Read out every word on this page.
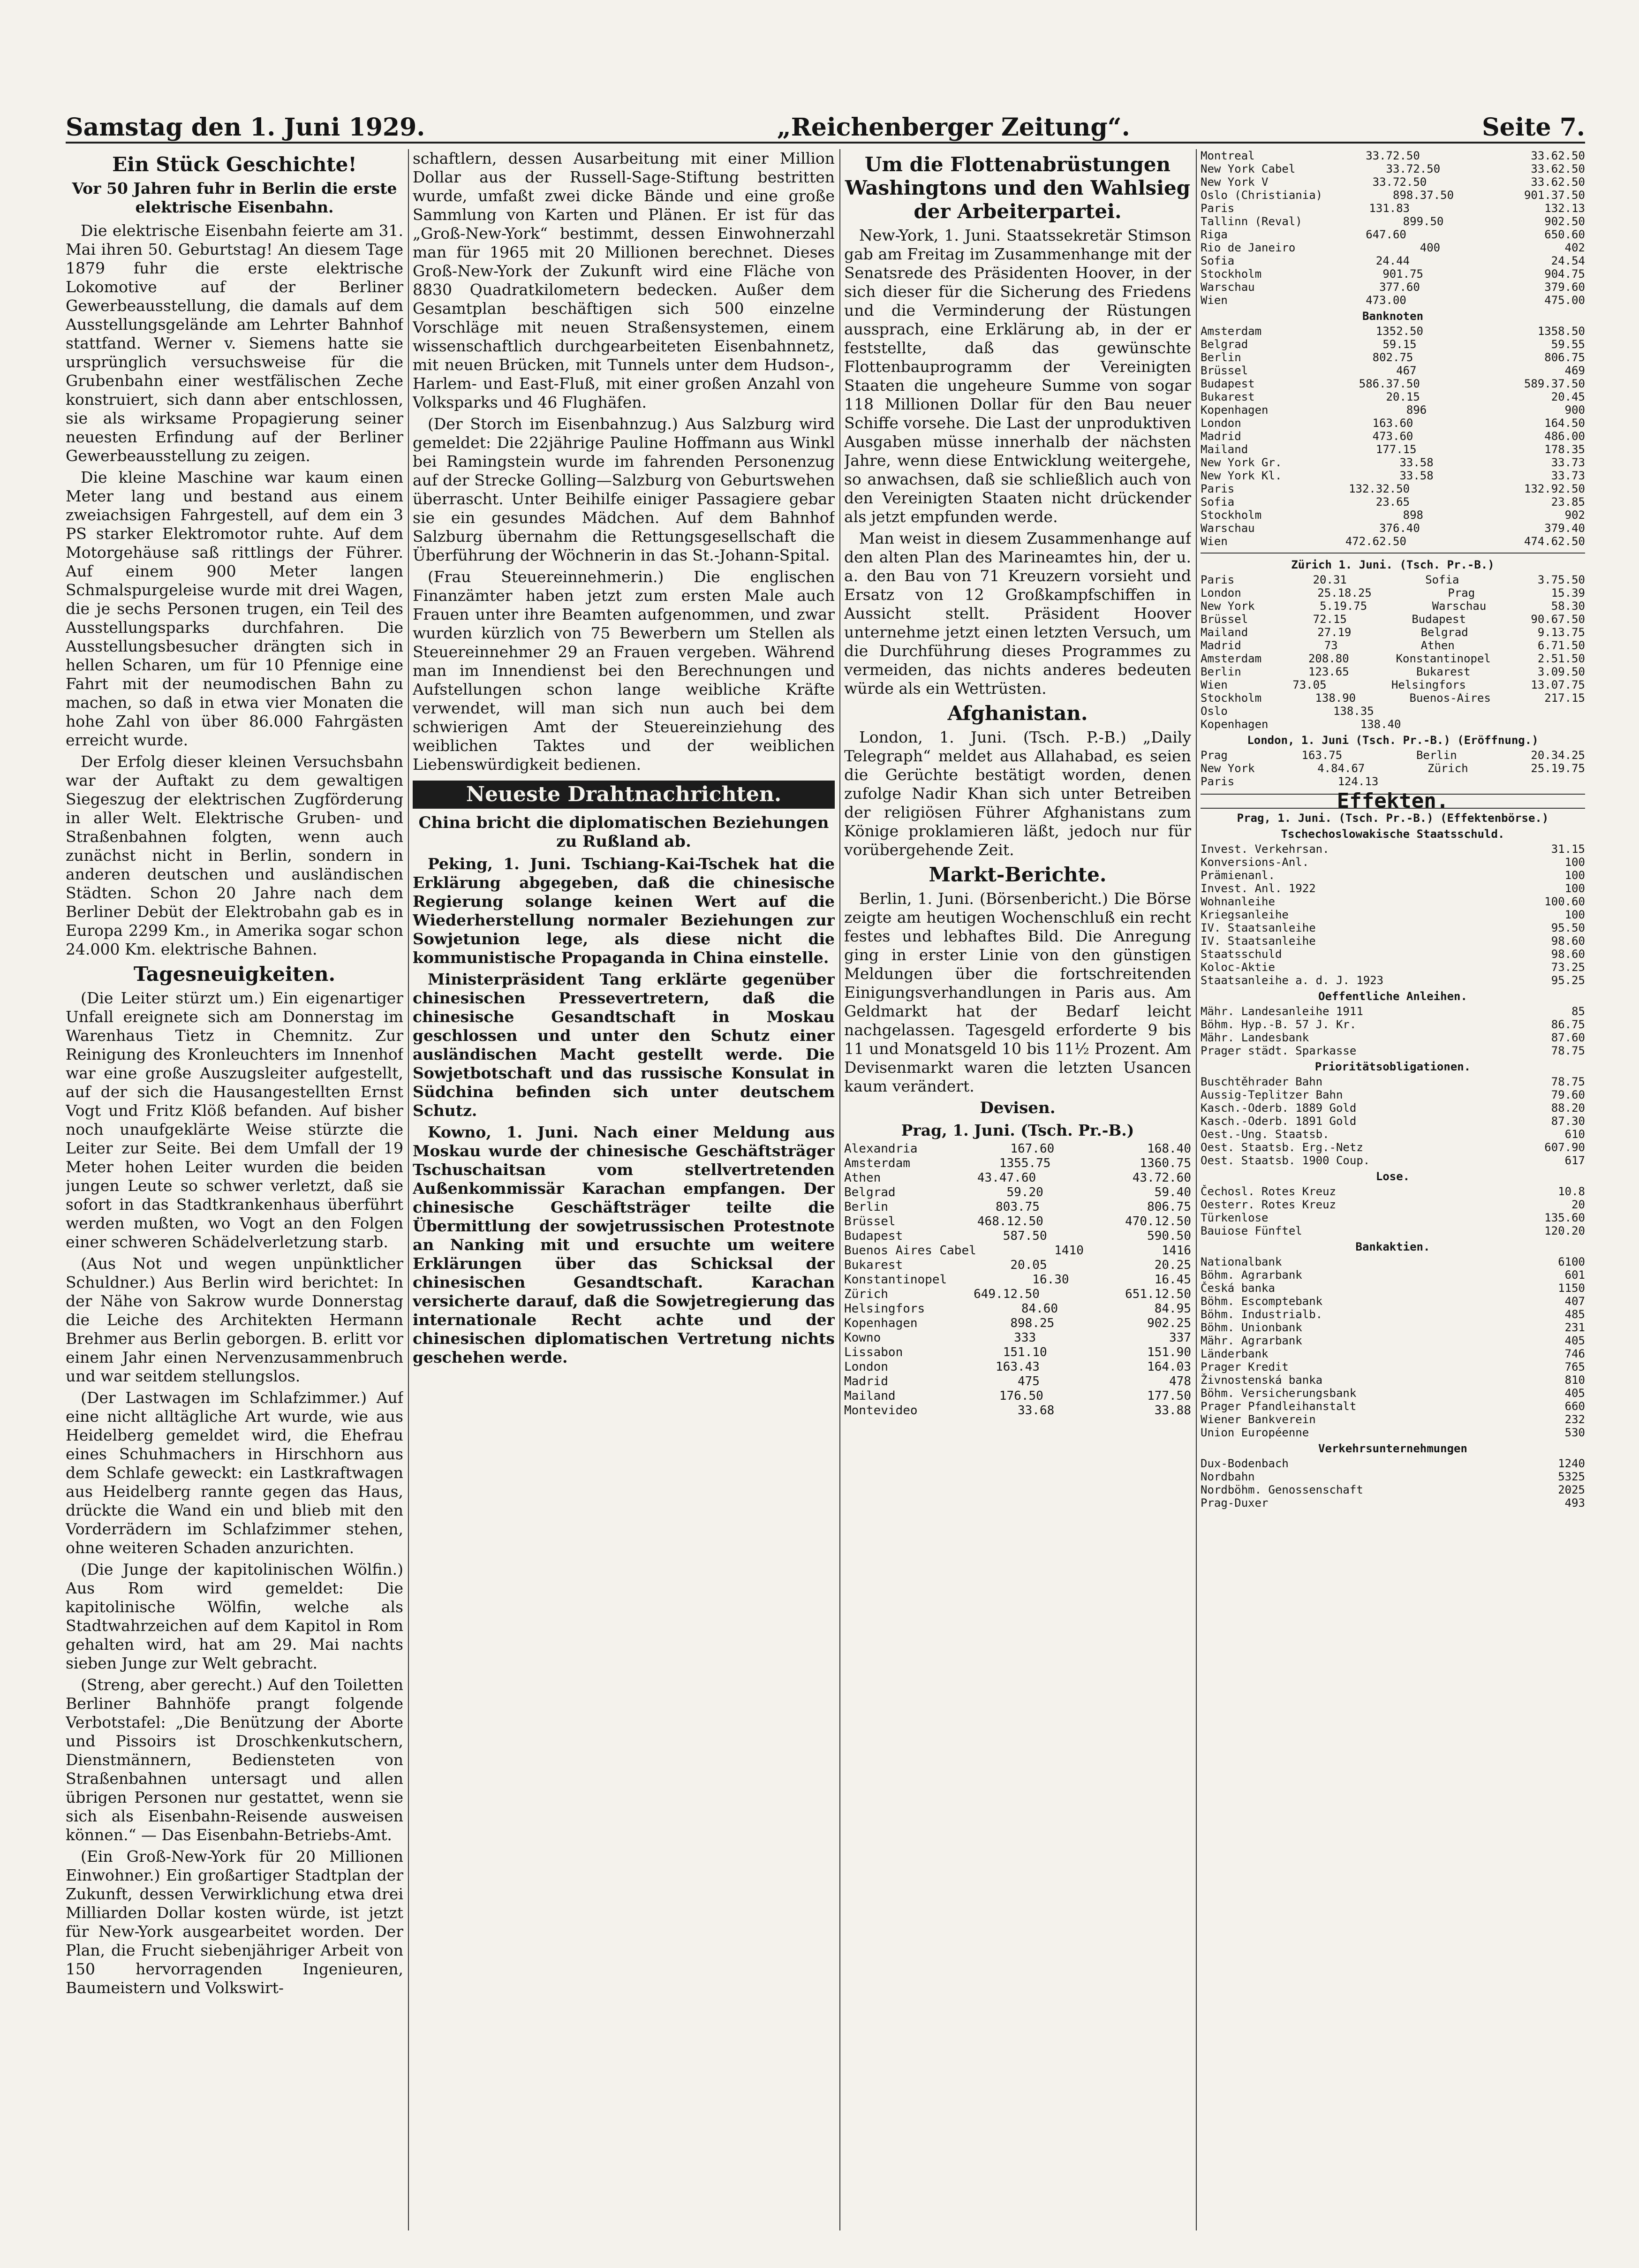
Samstag den 1. Juni 1929.	„Reichenberger Zeitung“.	Seite 7.
Ein Stück Geschichte!
Vor 50 Jahren fuhr in Berlin die erste elektrische Eisenbahn.

Die elektrische Eisenbahn feierte am 31. Mai ihren 50. Geburtstag! An diesem Tage 1879 fuhr die erste elektrische Lokomotive auf der Berliner Gewerbeausstellung, die damals auf dem Ausstellungsgelände am Lehrter Bahnhof stattfand. Werner v. Siemens hatte sie ursprünglich versuchsweise für die Grubenbahn einer westfälischen Zeche konstruiert, sich dann aber entschlossen, sie als wirksame Propagierung seiner neuesten Erfindung auf der Berliner Gewerbeausstellung zu zeigen.

Die kleine Maschine war kaum einen Meter lang und bestand aus einem zweiachsigen Fahrgestell, auf dem ein 3 PS starker Elektromotor ruhte. Auf dem Motorgehäuse saß rittlings der Führer. Auf einem 900 Meter langen Schmalspurgeleise wurde mit drei Wagen, die je sechs Personen trugen, ein Teil des Ausstellungsparks durchfahren. Die Ausstellungsbesucher drängten sich in hellen Scharen, um für 10 Pfennige eine Fahrt mit der neumodischen Bahn zu machen, so daß in etwa vier Monaten die hohe Zahl von über 86.000 Fahrgästen erreicht wurde.

Der Erfolg dieser kleinen Versuchsbahn war der Auftakt zu dem gewaltigen Siegeszug der elektrischen Zugförderung in aller Welt. Elektrische Gruben- und Straßenbahnen folgten, wenn auch zunächst nicht in Berlin, sondern in anderen deutschen und ausländischen Städten. Schon 20 Jahre nach dem Berliner Debüt der Elektrobahn gab es in Europa 2299 Km., in Amerika sogar schon 24.000 Km. elektrische Bahnen.

Tagesneuigkeiten.

(Die Leiter stürzt um.) Ein eigenartiger Unfall ereignete sich am Donnerstag im Warenhaus Tietz in Chemnitz. Zur Reinigung des Kronleuchters im Innenhof war eine große Auszugsleiter aufgestellt, auf der sich die Hausangestellten Ernst Vogt und Fritz Klöß befanden. Auf bisher noch unaufgeklärte Weise stürzte die Leiter zur Seite. Bei dem Umfall der 19 Meter hohen Leiter wurden die beiden jungen Leute so schwer verletzt, daß sie sofort in das Stadtkrankenhaus überführt werden mußten, wo Vogt an den Folgen einer schweren Schädelverletzung starb.

(Aus Not und wegen unpünktlicher Schuldner.) Aus Berlin wird berichtet: In der Nähe von Sakrow wurde Donnerstag die Leiche des Architekten Hermann Brehmer aus Berlin geborgen. B. erlitt vor einem Jahr einen Nervenzusammenbruch und war seitdem stellungslos.

(Der Lastwagen im Schlafzimmer.) Auf eine nicht alltägliche Art wurde, wie aus Heidelberg gemeldet wird, die Ehefrau eines Schuhmachers in Hirschhorn aus dem Schlafe geweckt: ein Lastkraftwagen aus Heidelberg rannte gegen das Haus, drückte die Wand ein und blieb mit den Vorderrädern im Schlafzimmer stehen, ohne weiteren Schaden anzurichten.

(Die Junge der kapitolinischen Wölfin.) Aus Rom wird gemeldet: Die kapitolinische Wölfin, welche als Stadtwahrzeichen auf dem Kapitol in Rom gehalten wird, hat am 29. Mai nachts sieben Junge zur Welt gebracht.

(Streng, aber gerecht.) Auf den Toiletten Berliner Bahnhöfe prangt folgende Verbotstafel: „Die Benützung der Aborte und Pissoirs ist Droschkenkutschern, Dienstmännern, Bediensteten von Straßenbahnen untersagt und allen übrigen Personen nur gestattet, wenn sie sich als Eisenbahn-Reisende ausweisen können.“ — Das Eisenbahn-Betriebs-Amt.

(Ein Groß-New-York für 20 Millionen Einwohner.) Ein großartiger Stadtplan der Zukunft, dessen Verwirklichung etwa drei Milliarden Dollar kosten würde, ist jetzt für New-York ausgearbeitet worden. Der Plan, die Frucht siebenjähriger Arbeit von 150 hervorragenden Ingenieuren, Baumeistern und Volkswirt-

schaftlern, dessen Ausarbeitung mit einer Million Dollar aus der Russell-Sage-Stiftung bestritten wurde, umfaßt zwei dicke Bände und eine große Sammlung von Karten und Plänen. Er ist für das „Groß-New-York“ bestimmt, dessen Einwohnerzahl man für 1965 mit 20 Millionen berechnet. Dieses Groß-New-York der Zukunft wird eine Fläche von 8830 Quadratkilometern bedecken. Außer dem Gesamtplan beschäftigen sich 500 einzelne Vorschläge mit neuen Straßensystemen, einem wissenschaftlich durchgearbeiteten Eisenbahnnetz, mit neuen Brücken, mit Tunnels unter dem Hudson-, Harlem- und East-Fluß, mit einer großen Anzahl von Volksparks und 46 Flughäfen.

(Der Storch im Eisenbahnzug.) Aus Salzburg wird gemeldet: Die 22jährige Pauline Hoffmann aus Winkl bei Ramingstein wurde im fahrenden Personenzug auf der Strecke Golling—Salzburg von Geburtswehen überrascht. Unter Beihilfe einiger Passagiere gebar sie ein gesundes Mädchen. Auf dem Bahnhof Salzburg übernahm die Rettungsgesellschaft die Überführung der Wöchnerin in das St.-Johann-Spital.

(Frau Steuereinnehmerin.) Die englischen Finanzämter haben jetzt zum ersten Male auch Frauen unter ihre Beamten aufgenommen, und zwar wurden kürzlich von 75 Bewerbern um Stellen als Steuereinnehmer 29 an Frauen vergeben. Während man im Innendienst bei den Berechnungen und Aufstellungen schon lange weibliche Kräfte verwendet, will man sich nun auch bei dem schwierigen Amt der Steuereinziehung des weiblichen Taktes und der weiblichen Liebenswürdigkeit bedienen.

Neueste Drahtnachrichten.
China bricht die diplomatischen Beziehungen zu Rußland ab.

Peking, 1. Juni. Tschiang-Kai-Tschek hat die Erklärung abgegeben, daß die chinesische Regierung solange keinen Wert auf die Wiederherstellung normaler Beziehungen zur Sowjetunion lege, als diese nicht die kommunistische Propaganda in China einstelle.

Ministerpräsident Tang erklärte gegenüber chinesischen Pressevertretern, daß die chinesische Gesandtschaft in Moskau geschlossen und unter den Schutz einer ausländischen Macht gestellt werde. Die Sowjetbotschaft und das russische Konsulat in Südchina befinden sich unter deutschem Schutz.

Kowno, 1. Juni. Nach einer Meldung aus Moskau wurde der chinesische Geschäftsträger Tschuschaitsan vom stellvertretenden Außenkommissär Karachan empfangen. Der chinesische Geschäftsträger teilte die Übermittlung der sowjetrussischen Protestnote an Nanking mit und ersuchte um weitere Erklärungen über das Schicksal der chinesischen Gesandtschaft. Karachan versicherte darauf, daß die Sowjetregierung das internationale Recht achte und der chinesischen diplomatischen Vertretung nichts geschehen werde.

Um die Flottenabrüstungen Washingtons und den Wahlsieg der Arbeiterpartei.

New-York, 1. Juni. Staatssekretär Stimson gab am Freitag im Zusammenhange mit der Senatsrede des Präsidenten Hoover, in der sich dieser für die Sicherung des Friedens und die Verminderung der Rüstungen aussprach, eine Erklärung ab, in der er feststellte, daß das gewünschte Flottenbauprogramm der Vereinigten Staaten die ungeheure Summe von sogar 118 Millionen Dollar für den Bau neuer Schiffe vorsehe. Die Last der unproduktiven Ausgaben müsse innerhalb der nächsten Jahre, wenn diese Entwicklung weitergehe, so anwachsen, daß sie schließlich auch von den Vereinigten Staaten nicht drückender als jetzt empfunden werde.

Man weist in diesem Zusammenhange auf den alten Plan des Marineamtes hin, der u. a. den Bau von 71 Kreuzern vorsieht und Ersatz von 12 Großkampfschiffen in Aussicht stellt. Präsident Hoover unternehme jetzt einen letzten Versuch, um die Durchführung dieses Programmes zu vermeiden, das nichts anderes bedeuten würde als ein Wettrüsten.

Afghanistan.

London, 1. Juni. (Tsch. P.-B.) „Daily Telegraph“ meldet aus Allahabad, es seien die Gerüchte bestätigt worden, denen zufolge Nadir Khan sich unter Betreiben der religiösen Führer Afghanistans zum Könige proklamieren läßt, jedoch nur für vorübergehende Zeit.

Markt-Berichte.

Berlin, 1. Juni. (Börsenbericht.) Die Börse zeigte am heutigen Wochenschluß ein recht festes und lebhaftes Bild. Die Anregung ging in erster Linie von den günstigen Meldungen über die fortschreitenden Einigungsverhandlungen in Paris aus. Am Geldmarkt hat der Bedarf leicht nachgelassen. Tagesgeld erforderte 9 bis 11 und Monatsgeld 10 bis 11½ Prozent. Am Devisenmarkt waren die letzten Usancen kaum verändert.

Devisen.
Prag, 1. Juni. (Tsch. Pr.-B.)
Alexandria	167.60	168.40
Amsterdam	1355.75	1360.75
Athen	43.47.60	43.72.60
Belgrad	59.20	59.40
Berlin	803.75	806.75
Brüssel	468.12.50	470.12.50
Budapest	587.50	590.50
Buenos Aires Cabel	1410	1416
Bukarest	20.05	20.25
Konstantinopel	16.30	16.45
Zürich	649.12.50	651.12.50
Helsingfors	84.60	84.95
Kopenhagen	898.25	902.25
Kowno	333	337
Lissabon	151.10	151.90
London	163.43	164.03
Madrid	475	478
Mailand	176.50	177.50
Montevideo	33.68	33.88
Montreal	33.72.50	33.62.50
New York Cabel	33.72.50	33.62.50
New York V	33.72.50	33.62.50
Oslo (Christiania)	898.37.50	901.37.50
Paris	131.83	132.13
Tallinn (Reval)	899.50	902.50
Riga	647.60	650.60
Rio de Janeiro	400	402
Sofia	24.44	24.54
Stockholm	901.75	904.75
Warschau	377.60	379.60
Wien	473.00	475.00
Banknoten
Amsterdam	1352.50	1358.50
Belgrad	59.15	59.55
Berlin	802.75	806.75
Brüssel	467	469
Budapest	586.37.50	589.37.50
Bukarest	20.15	20.45
Kopenhagen	896	900
London	163.60	164.50
Madrid	473.60	486.00
Mailand	177.15	178.35
New York Gr.	33.58	33.73
New York Kl.	33.58	33.73
Paris	132.32.50	132.92.50
Sofia	23.65	23.85
Stockholm	898	902
Warschau	376.40	379.40
Wien	472.62.50	474.62.50
Zürich 1. Juni. (Tsch. Pr.-B.)
Paris	20.31	Sofia	3.75.50
London	25.18.25	Prag	15.39
New York	5.19.75	Warschau	58.30
Brüssel	72.15	Budapest	90.67.50
Mailand	27.19	Belgrad	9.13.75
Madrid	73	Athen	6.71.50
Amsterdam	208.80	Konstantinopel	2.51.50
Berlin	123.65	Bukarest	3.09.50
Wien	73.05	Helsingfors	13.07.75
Stockholm	138.90	Buenos-Aires	217.15
Oslo	138.35
Kopenhagen	138.40
London, 1. Juni (Tsch. Pr.-B.) (Eröffnung.)
Prag	163.75	Berlin	20.34.25
New York	4.84.67	Zürich	25.19.75
Paris	124.13
Effekten.
Prag, 1. Juni. (Tsch. Pr.-B.) (Effektenbörse.)
Tschechoslowakische Staatsschuld.
Invest. Verkehrsan.	31.15
Konversions-Anl.	100
Prämienanl.	100
Invest. Anl. 1922	100
Wohnanleihe	100.60
Kriegsanleihe	100
IV. Staatsanleihe	95.50
IV. Staatsanleihe	98.60
Staatsschuld	98.60
Koloc-Aktie	73.25
Staatsanleihe a. d. J. 1923	95.25
Oeffentliche Anleihen.
Mähr. Landesanleihe 1911	85
Böhm. Hyp.-B. 57 J. Kr.	86.75
Mähr. Landesbank	87.60
Prager städt. Sparkasse	78.75
Prioritätsobligationen.
Buschtěhrader Bahn	78.75
Aussig-Teplitzer Bahn	79.60
Kasch.-Oderb. 1889 Gold	88.20
Kasch.-Oderb. 1891 Gold	87.30
Oest.-Ung. Staatsb.	610
Oest. Staatsb. Erg.-Netz	607.90
Oest. Staatsb. 1900 Coup.	617
Lose.
Čechosl. Rotes Kreuz	10.8
Oesterr. Rotes Kreuz	20
Türkenlose	135.60
Bauiose Fünftel	120.20
Bankaktien.
Nationalbank	6100
Böhm. Agrarbank	601
Česká banka	1150
Böhm. Escomptebank	407
Böhm. Industrialb.	485
Böhm. Unionbank	231
Mähr. Agrarbank	405
Länderbank	746
Prager Kredit	765
Živnostenská banka	810
Böhm. Versicherungsbank	405
Prager Pfandleihanstalt	660
Wiener Bankverein	232
Union Européenne	530
Verkehrsunternehmungen
Dux-Bodenbach	1240
Nordbahn	5325
Nordböhm. Genossenschaft	2025
Prag-Duxer	493
